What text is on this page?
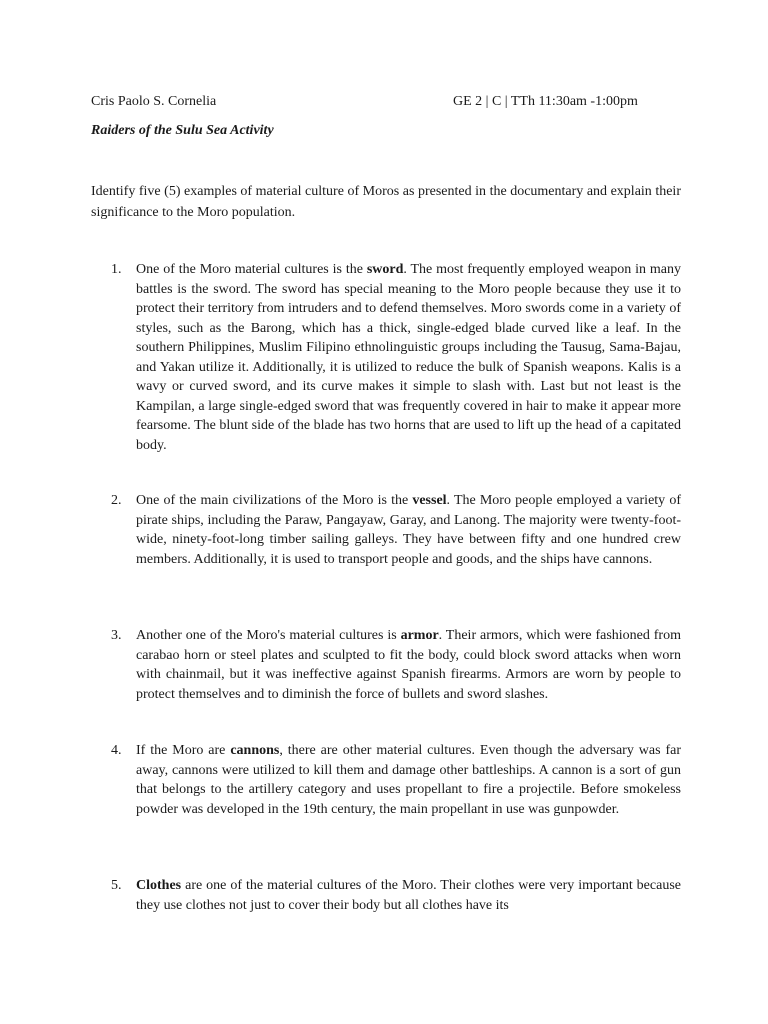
Cris Paolo S. Cornelia	GE 2 | C | TTh 11:30am -1:00pm
Raiders of the Sulu Sea Activity
Identify five (5) examples of material culture of Moros as presented in the documentary and explain their significance to the Moro population.
1.	One of the Moro material cultures is the sword. The most frequently employed weapon in many battles is the sword. The sword has special meaning to the Moro people because they use it to protect their territory from intruders and to defend themselves. Moro swords come in a variety of styles, such as the Barong, which has a thick, single-edged blade curved like a leaf. In the southern Philippines, Muslim Filipino ethnolinguistic groups including the Tausug, Sama-Bajau, and Yakan utilize it. Additionally, it is utilized to reduce the bulk of Spanish weapons. Kalis is a wavy or curved sword, and its curve makes it simple to slash with. Last but not least is the Kampilan, a large single-edged sword that was frequently covered in hair to make it appear more fearsome. The blunt side of the blade has two horns that are used to lift up the head of a capitated body.
2.	One of the main civilizations of the Moro is the vessel. The Moro people employed a variety of pirate ships, including the Paraw, Pangayaw, Garay, and Lanong. The majority were twenty-foot-wide, ninety-foot-long timber sailing galleys. They have between fifty and one hundred crew members. Additionally, it is used to transport people and goods, and the ships have cannons.
3.	Another one of the Moro's material cultures is armor. Their armors, which were fashioned from carabao horn or steel plates and sculpted to fit the body, could block sword attacks when worn with chainmail, but it was ineffective against Spanish firearms. Armors are worn by people to protect themselves and to diminish the force of bullets and sword slashes.
4.	If the Moro are cannons, there are other material cultures. Even though the adversary was far away, cannons were utilized to kill them and damage other battleships. A cannon is a sort of gun that belongs to the artillery category and uses propellant to fire a projectile. Before smokeless powder was developed in the 19th century, the main propellant in use was gunpowder.
5.	Clothes are one of the material cultures of the Moro. Their clothes were very important because they use clothes not just to cover their body but all clothes have its
